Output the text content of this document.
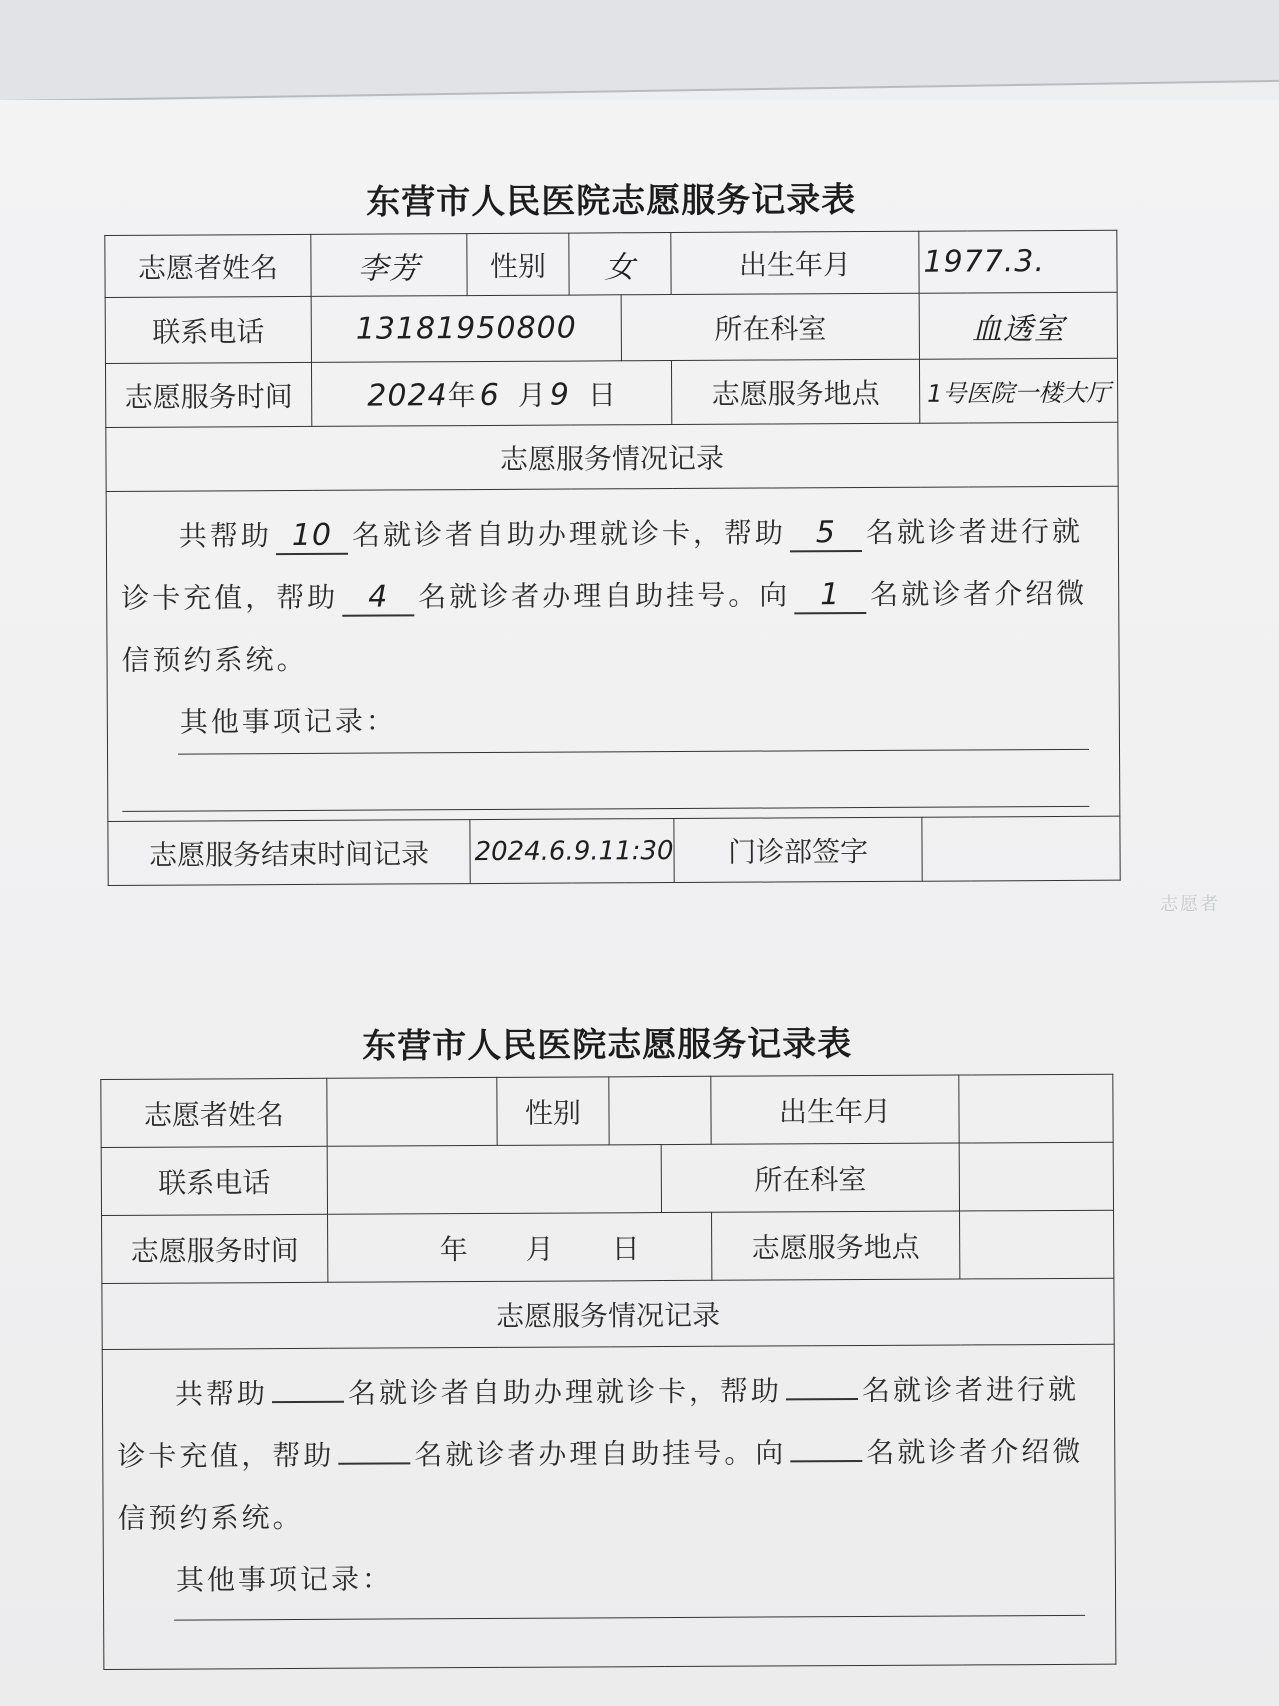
东营市人民医院志愿服务记录表
志愿者姓名	李芳	性别	女		出生年月	1977.3.
联系电话	13181950800			所在科室		血透室
志愿服务时间	2024年 6 月 9 日				志愿服务地点	1号医院一楼大厅
志愿服务情况记录						

共帮助 10 名就诊者自助办理就诊卡，帮助 5 名就诊者进行就

诊卡充值，帮助 4 名就诊者办理自助挂号。向 1 名就诊者介绍微

信预约系统。

其他事项记录：						

志愿服务结束时间记录		2024.6.9.11:30			门诊部签字	
东营市人民医院志愿服务记录表
志愿者姓名		性别			出生年月	
联系电话				所在科室		
志愿服务时间	年 月 日				志愿服务地点	
志愿服务情况记录						

共帮助 名就诊者自助办理就诊卡，帮助 名就诊者进行就

诊卡充值，帮助 名就诊者办理自助挂号。向 名就诊者介绍微

信预约系统。

其他事项记录：						

志愿者
